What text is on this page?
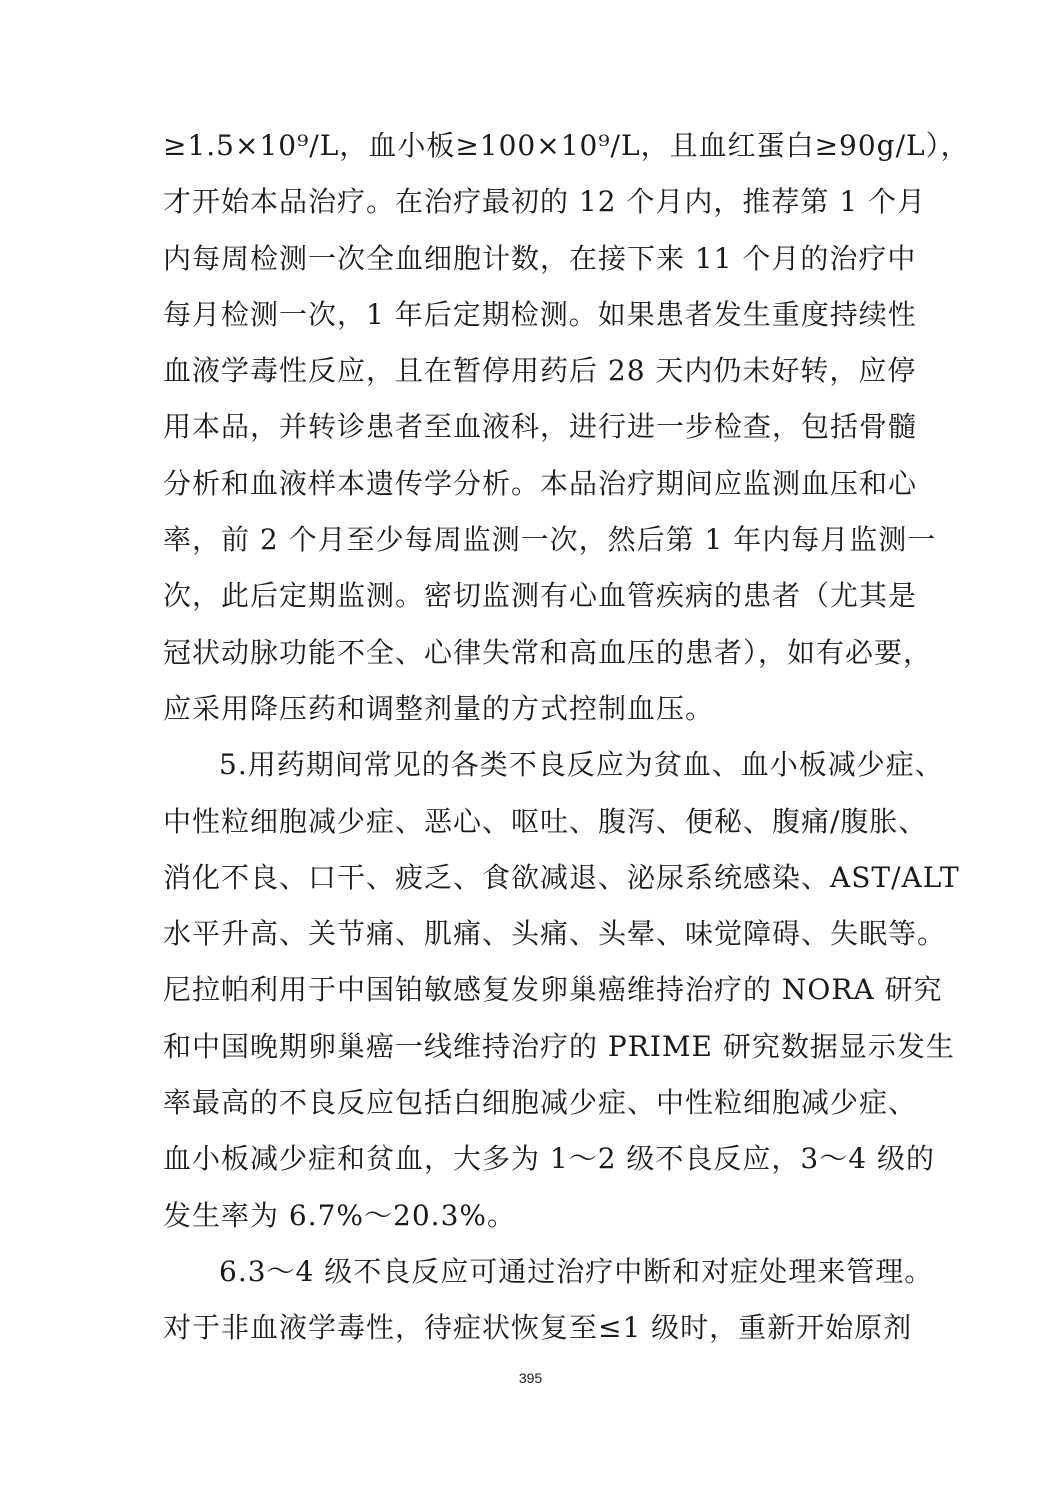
≥1.5×10⁹/L，血小板≥100×10⁹/L，且血红蛋白≥90g/L），
才开始本品治疗。在治疗最初的 12 个月内，推荐第 1 个月
内每周检测一次全血细胞计数，在接下来 11 个月的治疗中
每月检测一次，1 年后定期检测。如果患者发生重度持续性
血液学毒性反应，且在暂停用药后 28 天内仍未好转，应停
用本品，并转诊患者至血液科，进行进一步检查，包括骨髓
分析和血液样本遗传学分析。本品治疗期间应监测血压和心
率，前 2 个月至少每周监测一次，然后第 1 年内每月监测一
次，此后定期监测。密切监测有心血管疾病的患者（尤其是
冠状动脉功能不全、心律失常和高血压的患者），如有必要，
应采用降压药和调整剂量的方式控制血压。
5.用药期间常见的各类不良反应为贫血、血小板减少症、
中性粒细胞减少症、恶心、呕吐、腹泻、便秘、腹痛/腹胀、
消化不良、口干、疲乏、食欲减退、泌尿系统感染、AST/ALT
水平升高、关节痛、肌痛、头痛、头晕、味觉障碍、失眠等。
尼拉帕利用于中国铂敏感复发卵巢癌维持治疗的 NORA 研究
和中国晚期卵巢癌一线维持治疗的 PRIME 研究数据显示发生
率最高的不良反应包括白细胞减少症、中性粒细胞减少症、
血小板减少症和贫血，大多为 1～2 级不良反应，3～4 级的
发生率为 6.7%～20.3%。
6.3～4 级不良反应可通过治疗中断和对症处理来管理。
对于非血液学毒性，待症状恢复至≤1 级时，重新开始原剂
395
